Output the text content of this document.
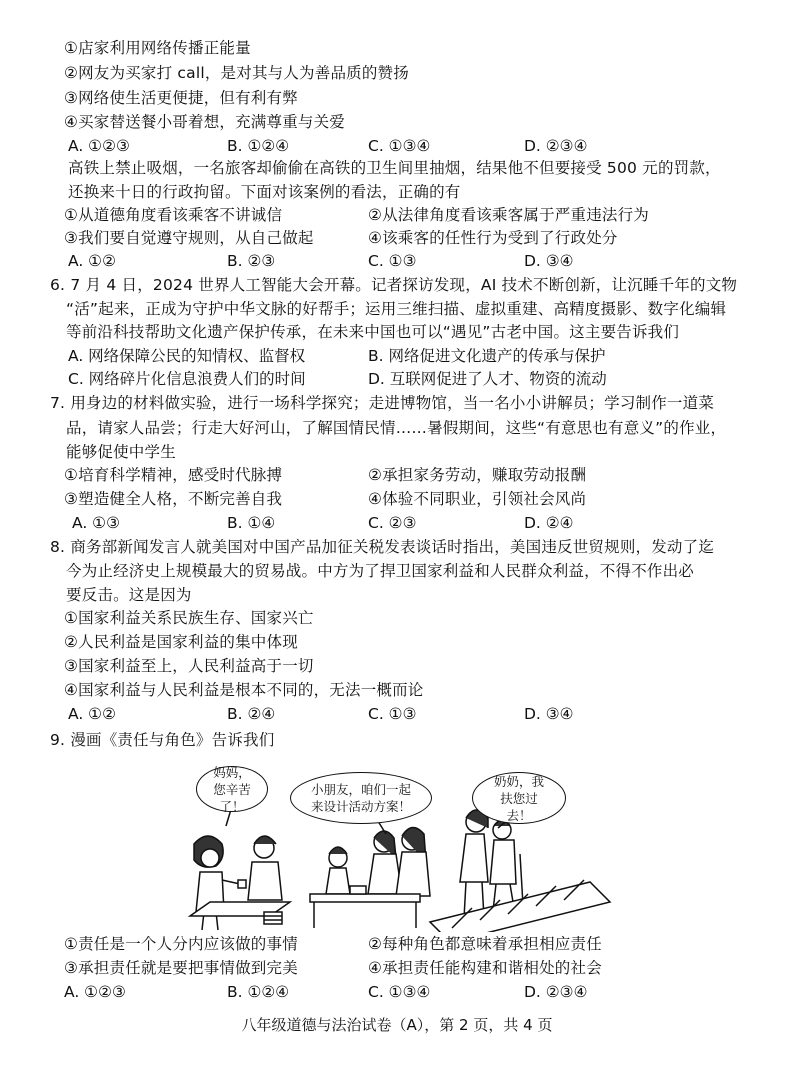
①店家利用网络传播正能量
②网友为买家打 call，是对其与人为善品质的赞扬
③网络使生活更便捷，但有利有弊
④买家替送餐小哥着想，充满尊重与关爱
A. ①②③	B. ①②④	C. ①③④	D. ②③④
高铁上禁止吸烟，一名旅客却偷偷在高铁的卫生间里抽烟，结果他不但要接受 500 元的罚款，
还换来十日的行政拘留。下面对该案例的看法，正确的有
①从道德角度看该乘客不讲诚信	②从法律角度看该乘客属于严重违法行为
③我们要自觉遵守规则，从自己做起	④该乘客的任性行为受到了行政处分
A. ①②	B. ②③	C. ①③	D. ③④
6. 7 月 4 日，2024 世界人工智能大会开幕。记者探访发现，AI 技术不断创新，让沉睡千年的文物
“活”起来，正成为守护中华文脉的好帮手；运用三维扫描、虚拟重建、高精度摄影、数字化编辑
等前沿科技帮助文化遗产保护传承，在未来中国也可以“遇见”古老中国。这主要告诉我们
A. 网络保障公民的知情权、监督权	B. 网络促进文化遗产的传承与保护
C. 网络碎片化信息浪费人们的时间	D. 互联网促进了人才、物资的流动
7. 用身边的材料做实验，进行一场科学探究；走进博物馆，当一名小小讲解员；学习制作一道菜
品，请家人品尝；行走大好河山，了解国情民情……暑假期间，这些“有意思也有意义”的作业，
能够促使中学生
①培育科学精神，感受时代脉搏	②承担家务劳动，赚取劳动报酬
③塑造健全人格，不断完善自我	④体验不同职业，引领社会风尚
A. ①③	B. ①④	C. ②③	D. ②④
8. 商务部新闻发言人就美国对中国产品加征关税发表谈话时指出，美国违反世贸规则，发动了迄
今为止经济史上规模最大的贸易战。中方为了捍卫国家利益和人民群众利益，不得不作出必
要反击。这是因为
①国家利益关系民族生存、国家兴亡
②人民利益是国家利益的集中体现
③国家利益至上，人民利益高于一切
④国家利益与人民利益是根本不同的，无法一概而论
A. ①②	B. ②④	C. ①③	D. ③④
9. 漫画《责任与角色》告诉我们
妈妈，您辛苦了！
小朋友，咱们一起来设计活动方案！
奶奶，我扶您过去！
①责任是一个人分内应该做的事情	②每种角色都意味着承担相应责任
③承担责任就是要把事情做到完美	④承担责任能构建和谐相处的社会
A. ①②③	B. ①②④	C. ①③④	D. ②③④
八年级道德与法治试卷（A），第 2 页，共 4 页
